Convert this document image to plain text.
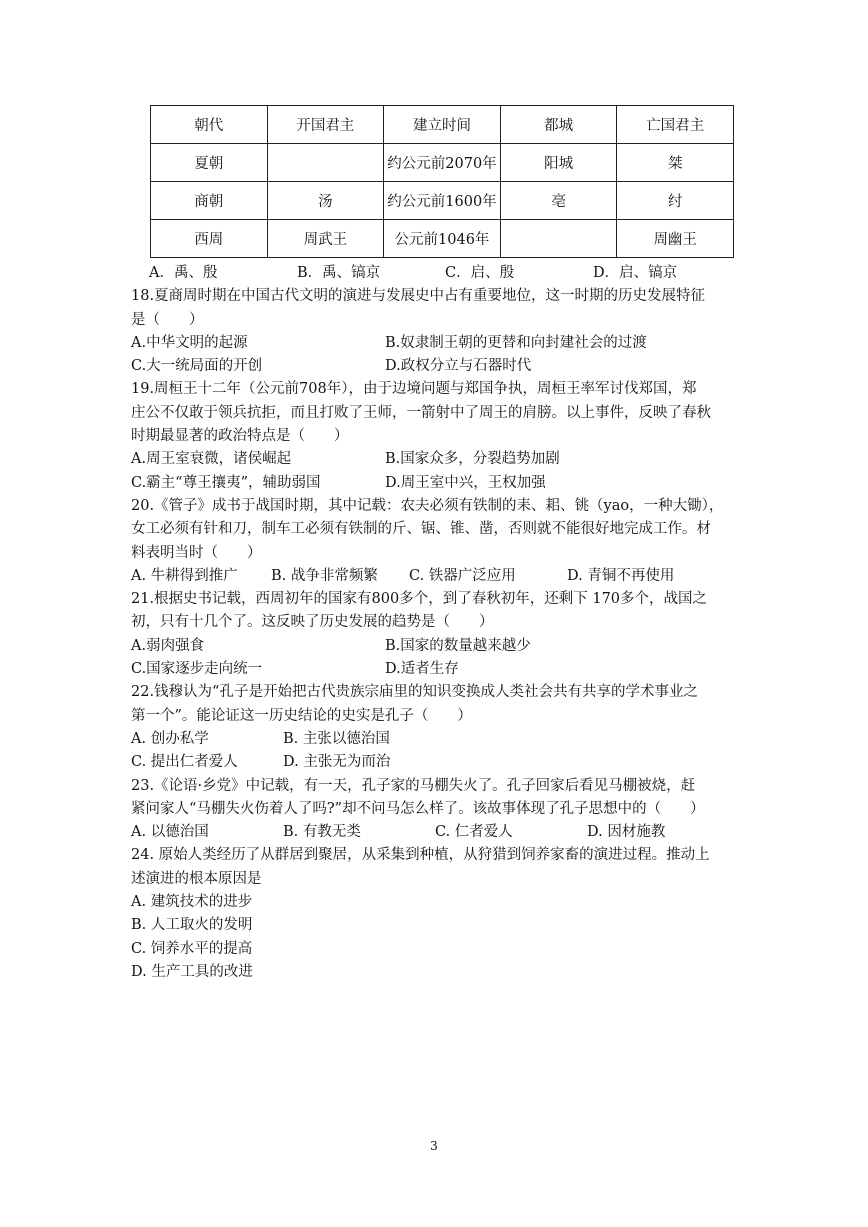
朝代	开国君主	建立时间	都城	亡国君主
夏朝		约公元前2070年	阳城	桀
商朝	汤	约公元前1600年	亳	纣
西周	周武王	公元前1046年		周幽王
A．禹、殷	B．禹、镐京	C．启、殷	D．启、镐京
18.夏商周时期在中国古代文明的演进与发展史中占有重要地位，这一时期的历史发展特征
是（　　）
A.中华文明的起源	B.奴隶制王朝的更替和向封建社会的过渡
C.大一统局面的开创	D.政权分立与石器时代
19.周桓王十二年（公元前708年），由于边境问题与郑国争执，周桓王率军讨伐郑国，郑
庄公不仅敢于领兵抗拒，而且打败了王师，一箭射中了周王的肩膀。以上事件，反映了春秋
时期最显著的政治特点是（　　）
A.周王室衰微，诸侯崛起	B.国家众多，分裂趋势加剧
C.霸主“尊王攘夷”，辅助弱国	D.周王室中兴，王权加强
20.《管子》成书于战国时期，其中记载：农夫必须有铁制的耒、耜、铫（yao，一种大锄），
女工必须有针和刀，制车工必须有铁制的斤、锯、锥、凿，否则就不能很好地完成工作。材
料表明当时（　　）
A. 牛耕得到推广	B. 战争非常频繁	C. 铁器广泛应用	D. 青铜不再使用
21.根据史书记载，西周初年的国家有800多个，到了春秋初年，还剩下 170多个，战国之
初，只有十几个了。这反映了历史发展的趋势是（　　）
A.弱肉强食	B.国家的数量越来越少
C.国家逐步走向统一	D.适者生存
22.钱穆认为“孔子是开始把古代贵族宗庙里的知识变换成人类社会共有共享的学术事业之
第一个”。能论证这一历史结论的史实是孔子（　　）
A. 创办私学	B. 主张以德治国
C. 提出仁者爱人	D. 主张无为而治
23.《论语·乡党》中记载，有一天，孔子家的马棚失火了。孔子回家后看见马棚被烧，赶
紧问家人“马棚失火伤着人了吗?”却不问马怎么样了。该故事体现了孔子思想中的（　　）
A. 以德治国	B. 有教无类	C. 仁者爱人	D. 因材施教
24. 原始人类经历了从群居到聚居，从采集到种植，从狩猎到饲养家畜的演进过程。推动上
述演进的根本原因是
A. 建筑技术的进步
B. 人工取火的发明
C. 饲养水平的提高
D. 生产工具的改进
3
